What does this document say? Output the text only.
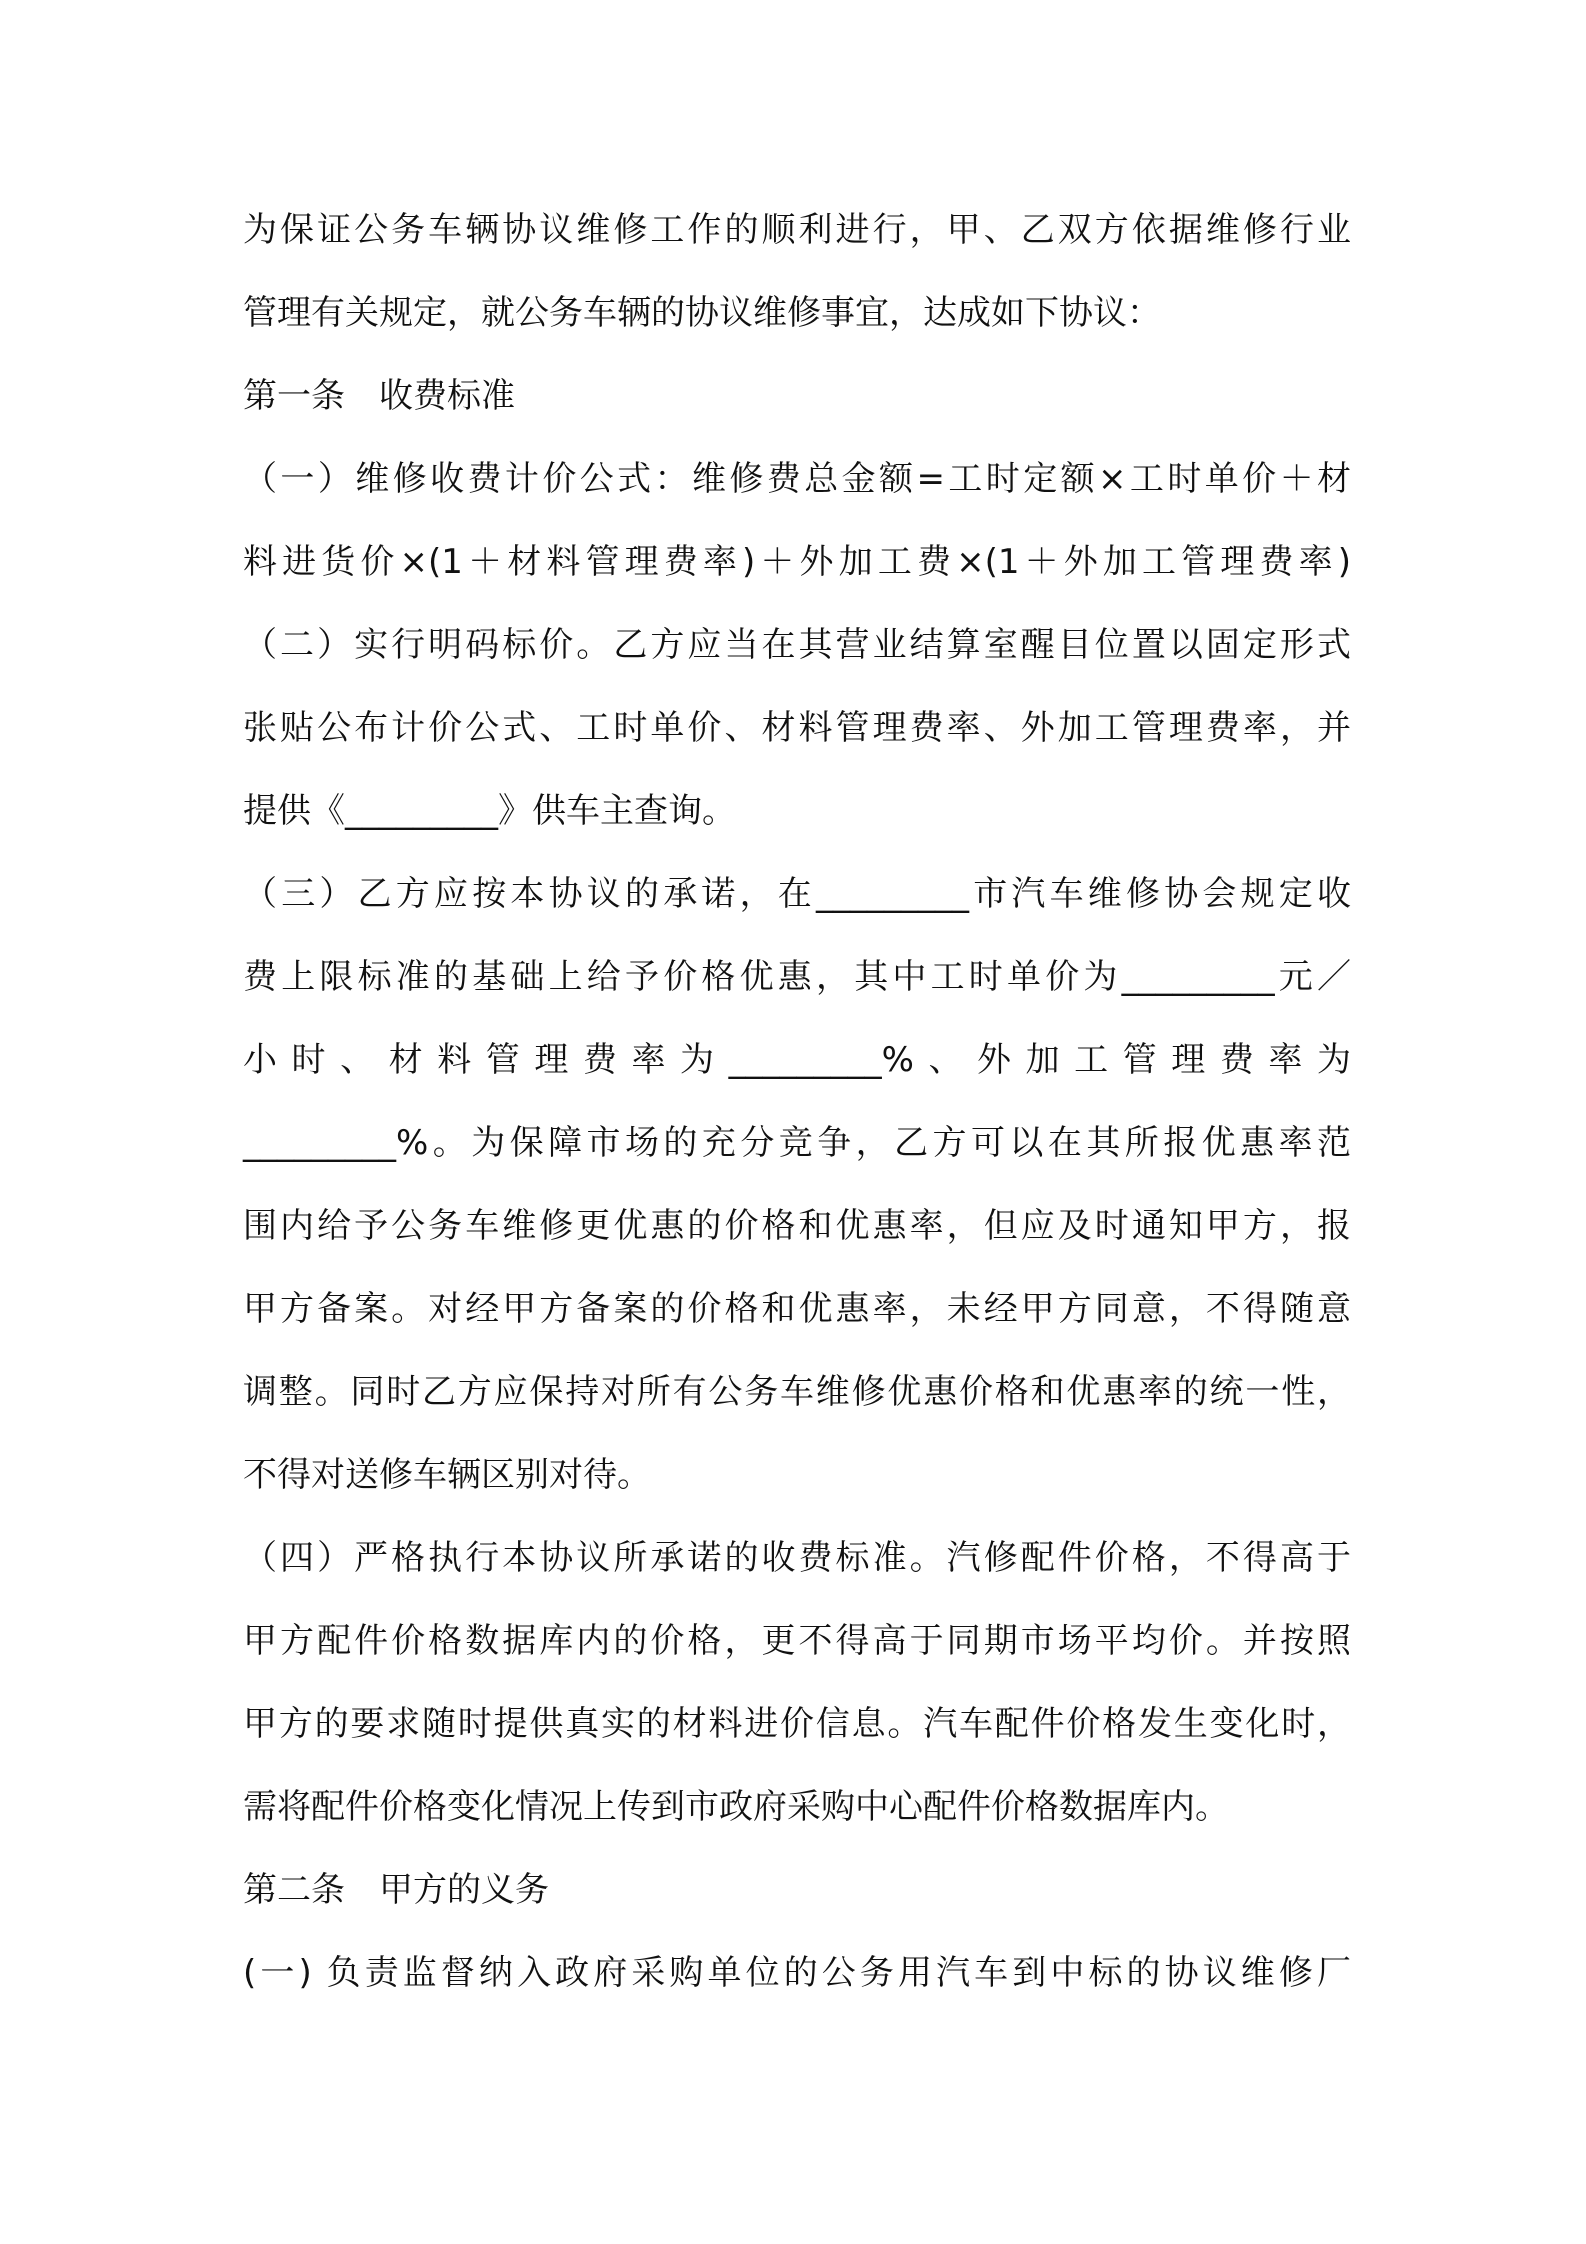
为保证公务车辆协议维修工作的顺利进行，甲、乙双方依据维修行业
管理有关规定，就公务车辆的协议维修事宜，达成如下协议：
第一条　收费标准
（一）维修收费计价公式：维修费总金额=工时定额×工时单价＋材
料进货价×(1＋材料管理费率)＋外加工费×(1＋外加工管理费率)
（二）实行明码标价。乙方应当在其营业结算室醒目位置以固定形式
张贴公布计价公式、工时单价、材料管理费率、外加工管理费率，并
提供《_________》供车主查询。
（三）乙方应按本协议的承诺，在_________市汽车维修协会规定收
费上限标准的基础上给予价格优惠，其中工时单价为_________元／
小时、材料管理费率为_________%、外加工管理费率为
_________%。为保障市场的充分竞争，乙方可以在其所报优惠率范
围内给予公务车维修更优惠的价格和优惠率，但应及时通知甲方，报
甲方备案。对经甲方备案的价格和优惠率，未经甲方同意，不得随意
调整。同时乙方应保持对所有公务车维修优惠价格和优惠率的统一性，
不得对送修车辆区别对待。
（四）严格执行本协议所承诺的收费标准。汽修配件价格，不得高于
甲方配件价格数据库内的价格，更不得高于同期市场平均价。并按照
甲方的要求随时提供真实的材料进价信息。汽车配件价格发生变化时，
需将配件价格变化情况上传到市政府采购中心配件价格数据库内。
第二条　甲方的义务
(一) 负责监督纳入政府采购单位的公务用汽车到中标的协议维修厂
